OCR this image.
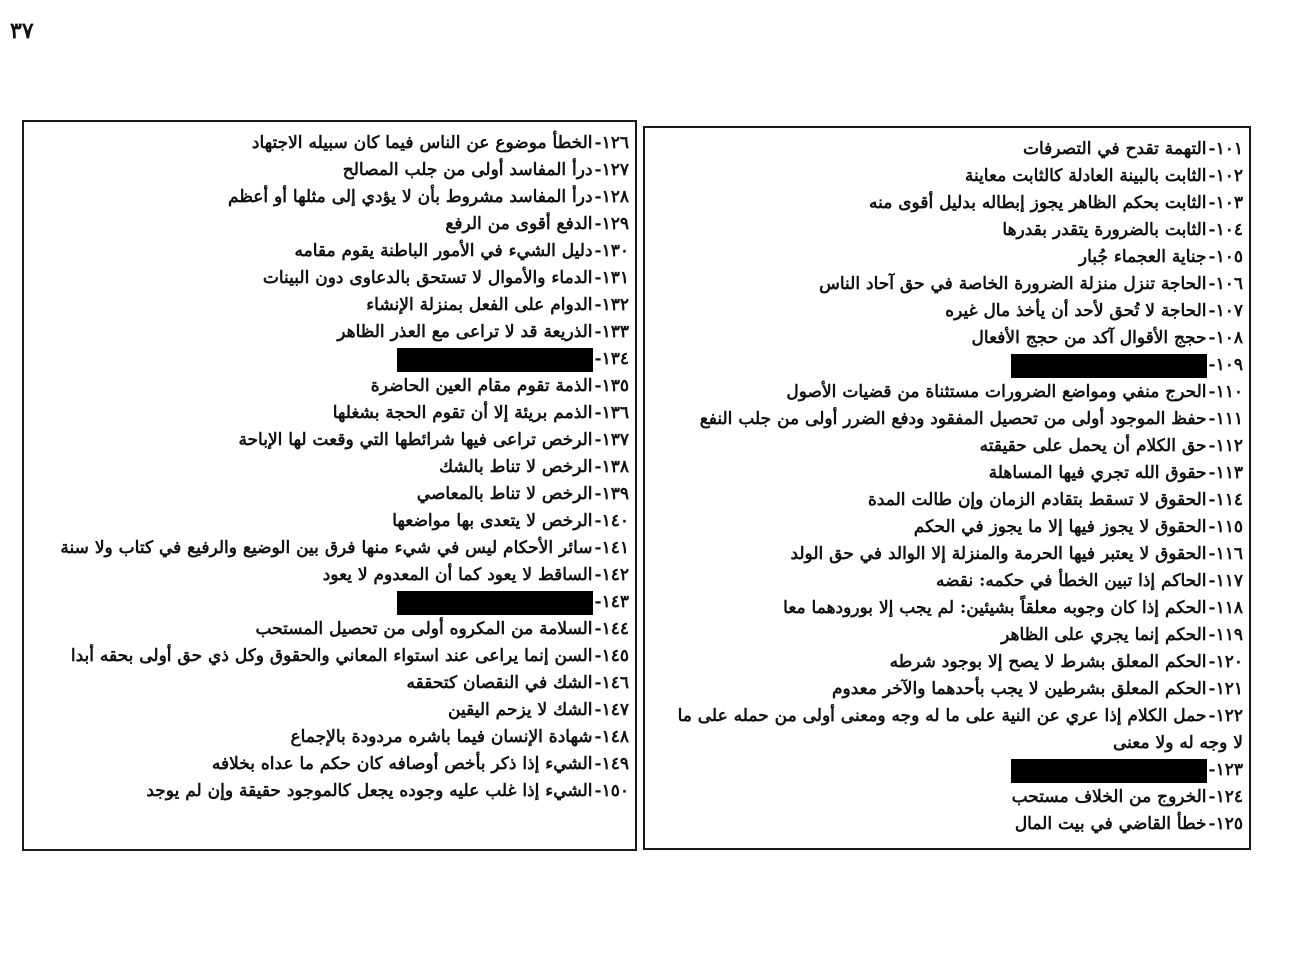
٣٧
١٠١-
التهمة تقدح في التصرفات
١٠٢-
الثابت بالبينة العادلة كالثابت معاينة
١٠٣-
الثابت بحكم الظاهر يجوز إبطاله بدليل أقوى منه
١٠٤-
الثابت بالضرورة يتقدر بقدرها
١٠٥-
جناية العجماء جُبار
١٠٦-
الحاجة تنزل منزلة الضرورة الخاصة في حق آحاد الناس
١٠٧-
الحاجة لا تُحق لأحد أن يأخذ مال غيره
١٠٨-
حجج الأقوال آكد من حجج الأفعال
١٠٩-
١١٠-
الحرج منفي ومواضع الضرورات مستثناة من قضيات الأصول
١١١-
حفظ الموجود أولى من تحصيل المفقود ودفع الضرر أولى من جلب النفع
١١٢-
حق الكلام أن يحمل على حقيقته
١١٣-
حقوق الله تجري فيها المساهلة
١١٤-
الحقوق لا تسقط بتقادم الزمان وإن طالت المدة
١١٥-
الحقوق لا يجوز فيها إلا ما يجوز في الحكم
١١٦-
الحقوق لا يعتبر فيها الحرمة والمنزلة إلا الوالد في حق الولد
١١٧-
الحاكم إذا تبين الخطأ في حكمه: نقضه
١١٨-
الحكم إذا كان وجوبه معلقاً بشيئين: لم يجب إلا بورودهما معا
١١٩-
الحكم إنما يجري على الظاهر
١٢٠-
الحكم المعلق بشرط لا يصح إلا بوجود شرطه
١٢١-
الحكم المعلق بشرطين لا يجب بأحدهما والآخر معدوم
١٢٢-
حمل الكلام إذا عري عن النية على ما له وجه ومعنى أولى من حمله على ما
لا وجه له ولا معنى
١٢٣-
١٢٤-
الخروج من الخلاف مستحب
١٢٥-
خطأ القاضي في بيت المال
١٢٦-
الخطأ موضوع عن الناس فيما كان سبيله الاجتهاد
١٢٧-
درأ المفاسد أولى من جلب المصالح
١٢٨-
درأ المفاسد مشروط بأن لا يؤدي إلى مثلها أو أعظم
١٢٩-
الدفع أقوى من الرفع
١٣٠-
دليل الشيء في الأمور الباطنة يقوم مقامه
١٣١-
الدماء والأموال لا تستحق بالدعاوى دون البينات
١٣٢-
الدوام على الفعل بمنزلة الإنشاء
١٣٣-
الذريعة قد لا تراعى مع العذر الظاهر
١٣٤-
١٣٥-
الذمة تقوم مقام العين الحاضرة
١٣٦-
الذمم بريئة إلا أن تقوم الحجة بشغلها
١٣٧-
الرخص تراعى فيها شرائطها التي وقعت لها الإباحة
١٣٨-
الرخص لا تناط بالشك
١٣٩-
الرخص لا تناط بالمعاصي
١٤٠-
الرخص لا يتعدى بها مواضعها
١٤١-
سائر الأحكام ليس في شيء منها فرق بين الوضيع والرفيع في كتاب ولا سنة
١٤٢-
الساقط لا يعود كما أن المعدوم لا يعود
١٤٣-
١٤٤-
السلامة من المكروه أولى من تحصيل المستحب
١٤٥-
السن إنما يراعى عند استواء المعاني والحقوق وكل ذي حق أولى بحقه أبدا
١٤٦-
الشك في النقصان كتحققه
١٤٧-
الشك لا يزحم اليقين
١٤٨-
شهادة الإنسان فيما باشره مردودة بالإجماع
١٤٩-
الشيء إذا ذكر بأخص أوصافه كان حكم ما عداه بخلافه
١٥٠-
الشيء إذا غلب عليه وجوده يجعل كالموجود حقيقة وإن لم يوجد
